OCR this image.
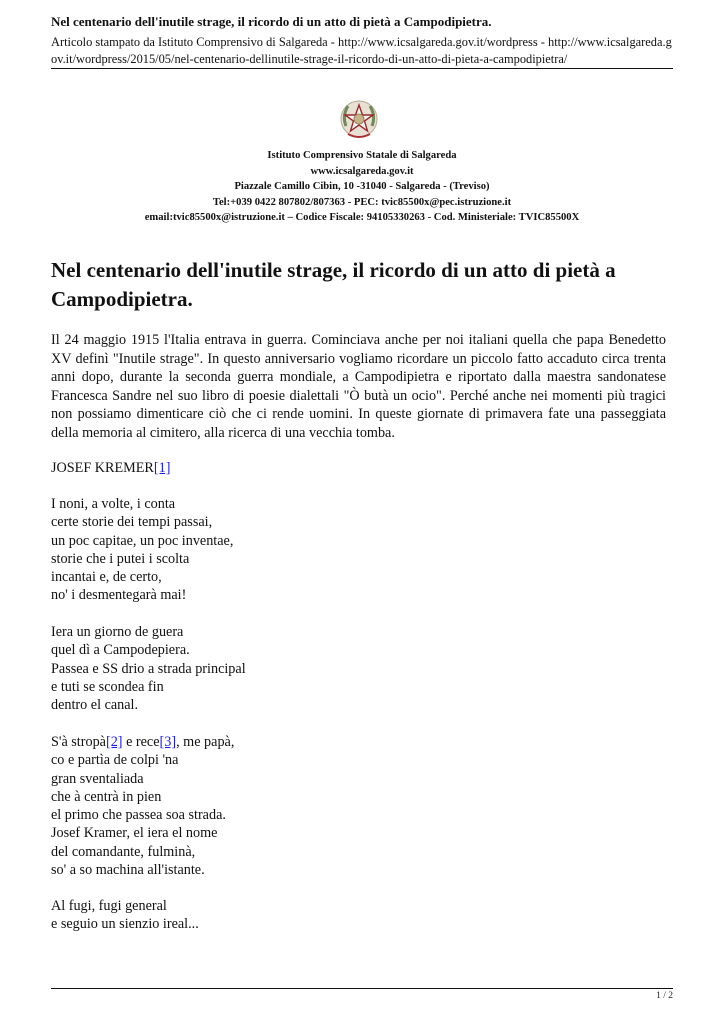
Nel centenario dell'inutile strage, il ricordo di un atto di pietà a Campodipietra.
Articolo stampato da Istituto Comprensivo di Salgareda - http://www.icsalgareda.gov.it/wordpress - http://www.icsalgareda.g
ov.it/wordpress/2015/05/nel-centenario-dellinutile-strage-il-ricordo-di-un-atto-di-pieta-a-campodipietra/
Istituto Comprensivo Statale di Salgareda
www.icsalgareda.gov.it
Piazzale Camillo Cibin, 10 -31040 - Salgareda - (Treviso)
Tel:+039 0422 807802/807363 - PEC: tvic85500x@pec.istruzione.it
email:tvic85500x@istruzione.it – Codice Fiscale: 94105330263 - Cod. Ministeriale: TVIC85500X
Nel centenario dell'inutile strage, il ricordo di un atto di pietà a Campodipietra.

Il 24 maggio 1915 l'Italia entrava in guerra. Cominciava anche per noi italiani quella che papa Benedetto XV definì "Inutile strage". In questo anniversario vogliamo ricordare un piccolo fatto accaduto circa trenta anni dopo, durante la seconda guerra mondiale, a Campodipietra e riportato dalla maestra sandonatese Francesca Sandre nel suo libro di poesie dialettali "Ò butà un ocio". Perché anche nei momenti più tragici non possiamo dimenticare ciò che ci rende uomini. In queste giornate di primavera fate una passeggiata della memoria al cimitero, alla ricerca di una vecchia tomba.

JOSEF KREMER[1]
I noni, a volte, i conta
certe storie dei tempi passai,
un poc capitae, un poc inventae,
storie che i putei i scolta
incantai e, de certo,
no' i desmentegarà mai!
Iera un giorno de guera
quel dì a Campodepiera.
Passea e SS drio a strada principal
e tuti se scondea fin
dentro el canal.
S'à stropà[2] e rece[3], me papà,
co e partìa de colpi 'na
gran sventaliada
che à centrà in pien
el primo che passea soa strada.
Josef Kramer, el iera el nome
del comandante, fulminà,
so' a so machina all'istante.
Al fugi, fugi general
e seguio un sienzio ireal...
1 / 2
